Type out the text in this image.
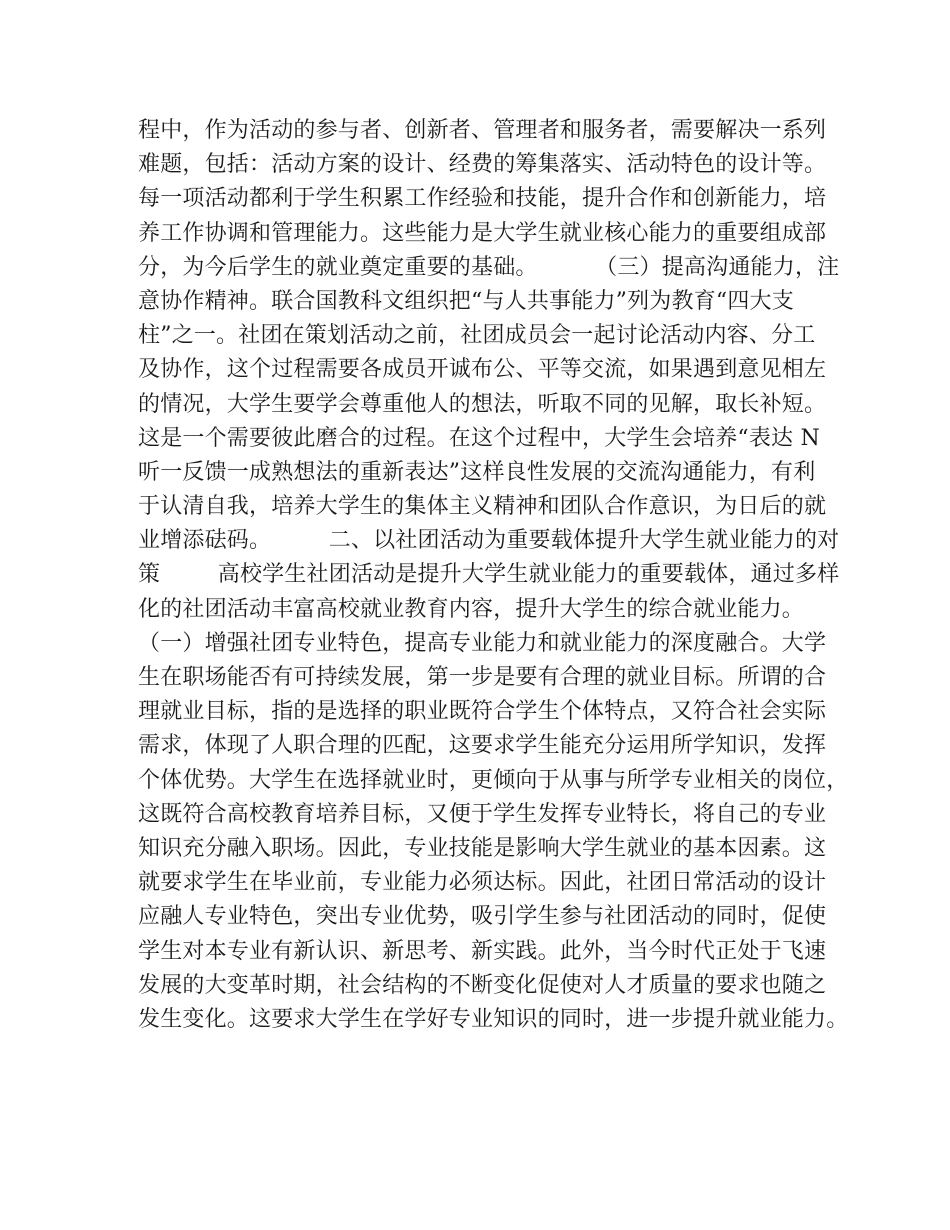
程中，作为活动的参与者、创新者、管理者和服务者，需要解决一系列
难题，包括：活动方案的设计、经费的筹集落实、活动特色的设计等。
每一项活动都利于学生积累工作经验和技能，提升合作和创新能力，培
养工作协调和管理能力。这些能力是大学生就业核心能力的重要组成部
分，为今后学生的就业奠定重要的基础。        （三）提高沟通能力，注
意协作精神。联合国教科文组织把“与人共事能力”列为教育“四大支
柱”之一。社团在策划活动之前，社团成员会一起讨论活动内容、分工
及协作，这个过程需要各成员开诚布公、平等交流，如果遇到意见相左
的情况，大学生要学会尊重他人的想法，听取不同的见解，取长补短。
这是一个需要彼此磨合的过程。在这个过程中，大学生会培养“表达 N
听一反馈一成熟想法的重新表达”这样良性发展的交流沟通能力，有利
于认清自我，培养大学生的集体主义精神和团队合作意识，为日后的就
业增添砝码。        二、以社团活动为重要载体提升大学生就业能力的对
策        高校学生社团活动是提升大学生就业能力的重要载体，通过多样
化的社团活动丰富高校就业教育内容，提升大学生的综合就业能力。
（一）增强社团专业特色，提高专业能力和就业能力的深度融合。大学
生在职场能否有可持续发展，第一步是要有合理的就业目标。所谓的合
理就业目标，指的是选择的职业既符合学生个体特点，又符合社会实际
需求，体现了人职合理的匹配，这要求学生能充分运用所学知识，发挥
个体优势。大学生在选择就业时，更倾向于从事与所学专业相关的岗位，
这既符合高校教育培养目标，又便于学生发挥专业特长，将自己的专业
知识充分融入职场。因此，专业技能是影响大学生就业的基本因素。这
就要求学生在毕业前，专业能力必须达标。因此，社团日常活动的设计
应融人专业特色，突出专业优势，吸引学生参与社团活动的同时，促使
学生对本专业有新认识、新思考、新实践。此外，当今时代正处于飞速
发展的大变革时期，社会结构的不断变化促使对人才质量的要求也随之
发生变化。这要求大学生在学好专业知识的同时，进一步提升就业能力。
